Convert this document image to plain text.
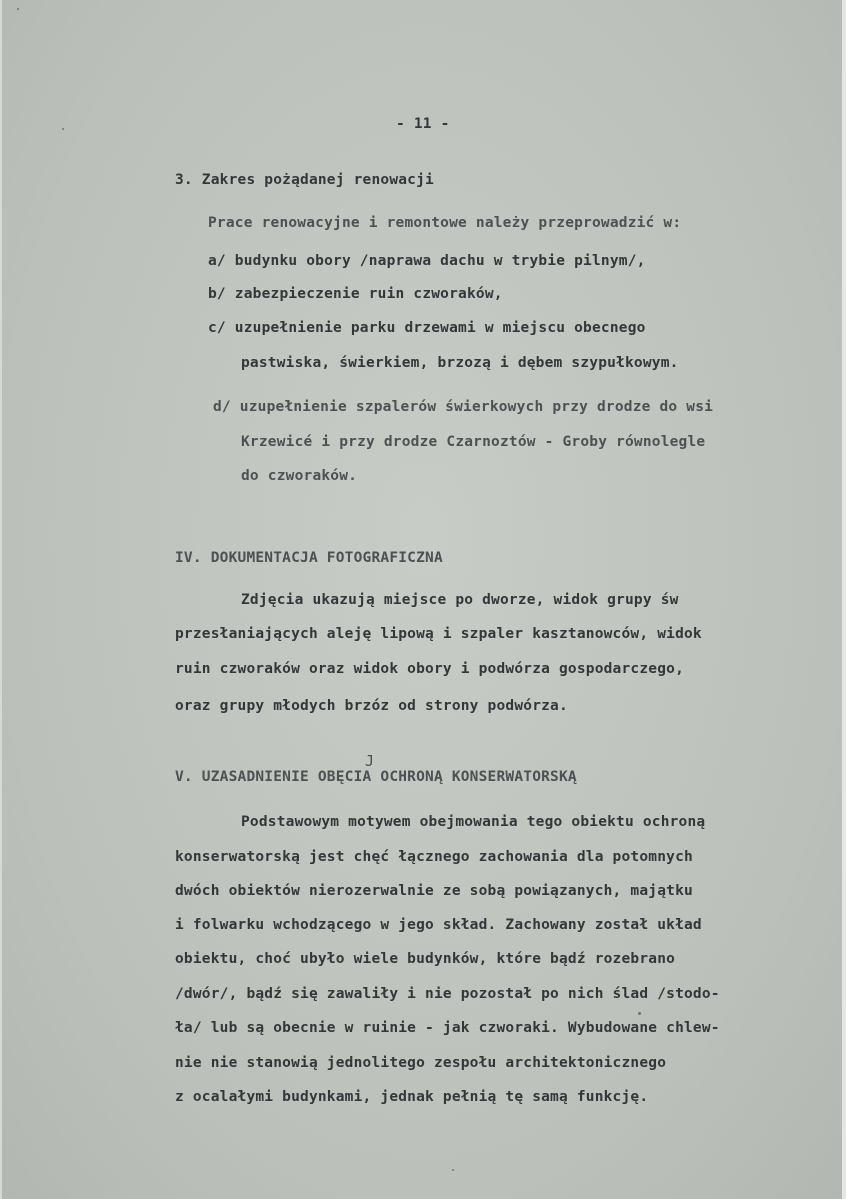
- 11 -
3. Zakres pożądanej renowacji
Prace renowacyjne i remontowe należy przeprowadzić w:
a/ budynku obory /naprawa dachu w trybie pilnym/,
b/ zabezpieczenie ruin czworaków,
c/ uzupełnienie parku drzewami w miejscu obecnego
pastwiska, świerkiem, brzozą i dębem szypułkowym.
d/ uzupełnienie szpalerów świerkowych przy drodze do wsi
Krzewicé i przy drodze Czarnoztów - Groby równolegle
do czworaków.
IV. DOKUMENTACJA FOTOGRAFICZNA
Zdjęcia ukazują miejsce po dworze, widok grupy św
przesłaniających aleję lipową i szpaler kasztanowców, widok
ruin czworaków oraz widok obory i podwórza gospodarczego,
oraz grupy młodych brzóz od strony podwórza.
J
V. UZASADNIENIE OBĘCIA OCHRONĄ KONSERWATORSKĄ
Podstawowym motywem obejmowania tego obiektu ochroną
konserwatorską jest chęć łącznego zachowania dla potomnych
dwóch obiektów nierozerwalnie ze sobą powiązanych, majątku
i folwarku wchodzącego w jego skład. Zachowany został układ
obiektu, choć ubyło wiele budynków, które bądź rozebrano
/dwór/, bądź się zawaliły i nie pozostał po nich ślad /stodo-
ła/ lub są obecnie w ruinie - jak czworaki. Wybudowane chlew-
nie nie stanowią jednolitego zespołu architektonicznego
z ocalałymi budynkami, jednak pełnią tę samą funkcję.
